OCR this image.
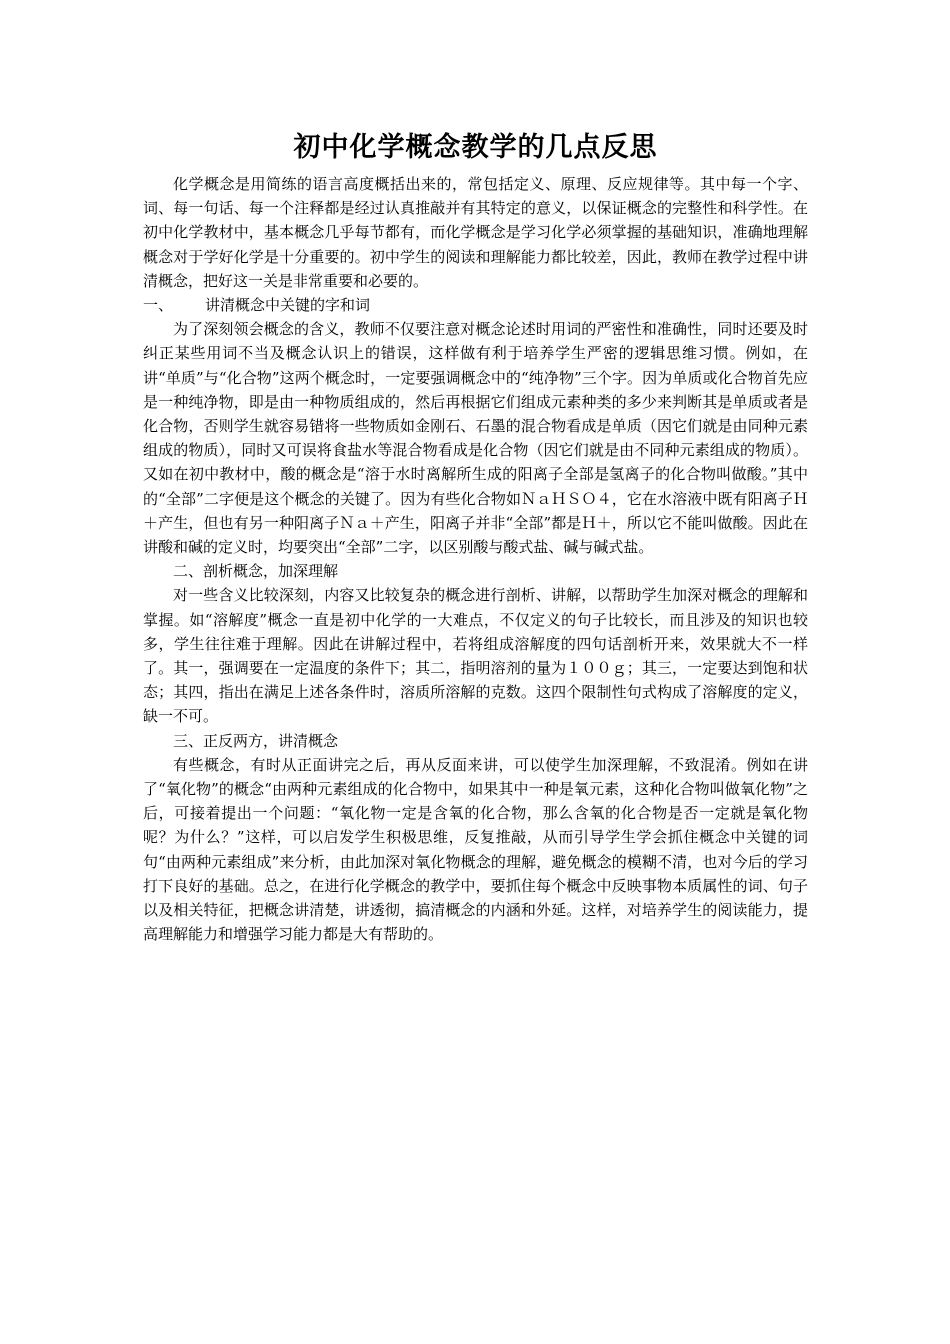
初中化学概念教学的几点反思

化学概念是用简练的语言高度概括出来的，常包括定义、原理、反应规律等。其中每一个字、词、每一句话、每一个注释都是经过认真推敲并有其特定的意义，以保证概念的完整性和科学性。在初中化学教材中，基本概念几乎每节都有，而化学概念是学习化学必须掌握的基础知识，准确地理解概念对于学好化学是十分重要的。初中学生的阅读和理解能力都比较差，因此，教师在教学过程中讲清概念，把好这一关是非常重要和必要的。

一、 讲清概念中关键的字和词

为了深刻领会概念的含义，教师不仅要注意对概念论述时用词的严密性和准确性，同时还要及时纠正某些用词不当及概念认识上的错误，这样做有利于培养学生严密的逻辑思维习惯。例如，在讲“单质”与“化合物”这两个概念时，一定要强调概念中的“纯净物”三个字。因为单质或化合物首先应是一种纯净物，即是由一种物质组成的，然后再根据它们组成元素种类的多少来判断其是单质或者是化合物，否则学生就容易错将一些物质如金刚石、石墨的混合物看成是单质（因它们就是由同种元素组成的物质），同时又可误将食盐水等混合物看成是化合物（因它们就是由不同种元素组成的物质）。又如在初中教材中，酸的概念是“溶于水时离解所生成的阳离子全部是氢离子的化合物叫做酸。”其中的“全部”二字便是这个概念的关键了。因为有些化合物如ＮａＨＳＯ４，它在水溶液中既有阳离子Ｈ＋产生，但也有另一种阳离子Ｎａ＋产生，阳离子并非“全部”都是Ｈ＋，所以它不能叫做酸。因此在讲酸和碱的定义时，均要突出“全部”二字，以区别酸与酸式盐、碱与碱式盐。

二、剖析概念，加深理解

对一些含义比较深刻，内容又比较复杂的概念进行剖析、讲解，以帮助学生加深对概念的理解和掌握。如“溶解度”概念一直是初中化学的一大难点，不仅定义的句子比较长，而且涉及的知识也较多，学生往往难于理解。因此在讲解过程中，若将组成溶解度的四句话剖析开来，效果就大不一样了。其一，强调要在一定温度的条件下；其二，指明溶剂的量为１００ｇ；其三，一定要达到饱和状态；其四，指出在满足上述各条件时，溶质所溶解的克数。这四个限制性句式构成了溶解度的定义，缺一不可。

三、正反两方，讲清概念

有些概念，有时从正面讲完之后，再从反面来讲，可以使学生加深理解，不致混淆。例如在讲了“氧化物”的概念“由两种元素组成的化合物中，如果其中一种是氧元素，这种化合物叫做氧化物”之后，可接着提出一个问题：“氧化物一定是含氧的化合物，那么含氧的化合物是否一定就是氧化物呢？为什么？”这样，可以启发学生积极思维，反复推敲，从而引导学生学会抓住概念中关键的词句“由两种元素组成”来分析，由此加深对氧化物概念的理解，避免概念的模糊不清，也对今后的学习打下良好的基础。总之，在进行化学概念的教学中，要抓住每个概念中反映事物本质属性的词、句子以及相关特征，把概念讲清楚，讲透彻，搞清概念的内涵和外延。这样，对培养学生的阅读能力，提高理解能力和增强学习能力都是大有帮助的。
